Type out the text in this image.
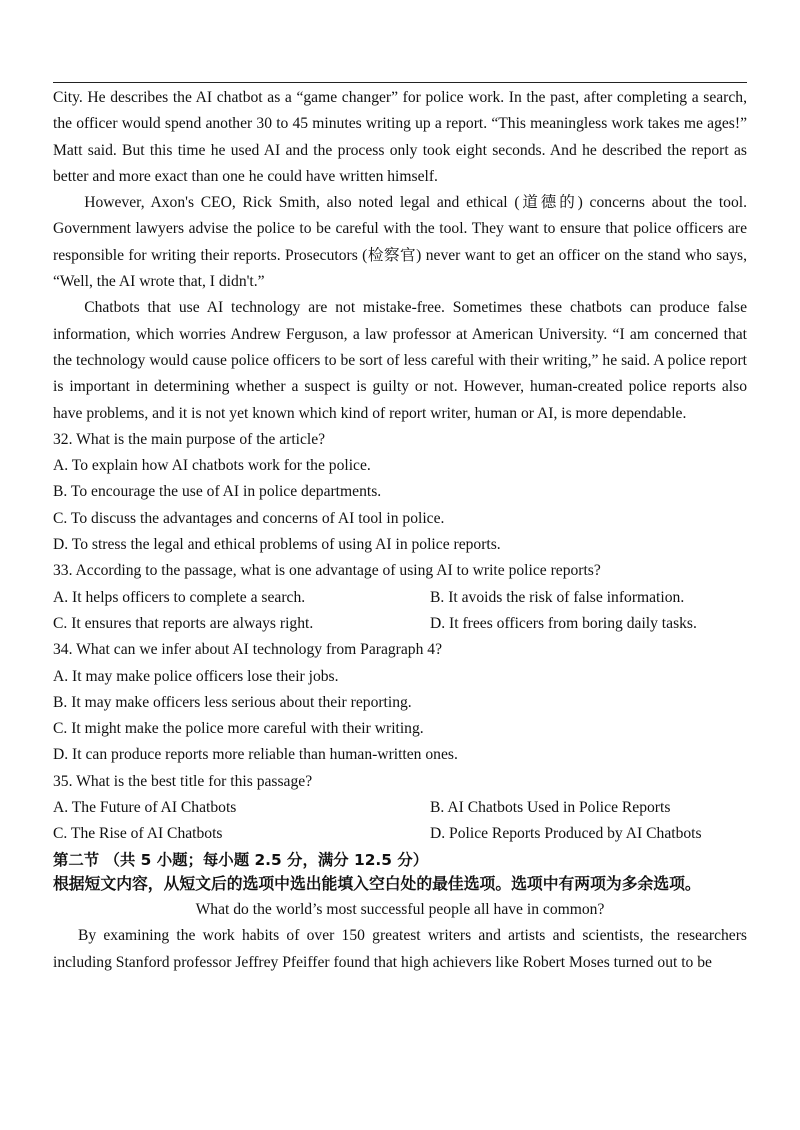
City. He describes the AI chatbot as a “game changer” for police work. In the past, after completing a search, the officer would spend another 30 to 45 minutes writing up a report. “This meaningless work takes me ages!” Matt said. But this time he used AI and the process only took eight seconds. And he described the report as better and more exact than one he could have written himself.

However, Axon's CEO, Rick Smith, also noted legal and ethical (道德的) concerns about the tool. Government lawyers advise the police to be careful with the tool. They want to ensure that police officers are responsible for writing their reports. Prosecutors (检察官) never want to get an officer on the stand who says, “Well, the AI wrote that, I didn't.”

Chatbots that use AI technology are not mistake-free. Sometimes these chatbots can produce false information, which worries Andrew Ferguson, a law professor at American University. “I am concerned that the technology would cause police officers to be sort of less careful with their writing,” he said. A police report is important in determining whether a suspect is guilty or not. However, human-created police reports also have problems, and it is not yet known which kind of report writer, human or AI, is more dependable.

32. What is the main purpose of the article?

A. To explain how AI chatbots work for the police.

B. To encourage the use of AI in police departments.

C. To discuss the advantages and concerns of AI tool in police.

D. To stress the legal and ethical problems of using AI in police reports.

33. According to the passage, what is one advantage of using AI to write police reports?

A. It helps officers to complete a search.	B. It avoids the risk of false information.
C. It ensures that reports are always right.	D. It frees officers from boring daily tasks.

34. What can we infer about AI technology from Paragraph 4?

A. It may make police officers lose their jobs.

B. It may make officers less serious about their reporting.

C. It might make the police more careful with their writing.

D. It can produce reports more reliable than human-written ones.

35. What is the best title for this passage?

A. The Future of AI Chatbots	B. AI Chatbots Used in Police Reports
C. The Rise of AI Chatbots	D. Police Reports Produced by AI Chatbots

第二节 （共 5 小题；每小题 2.5 分，满分 12.5 分）

根据短文内容，从短文后的选项中选出能填入空白处的最佳选项。选项中有两项为多余选项。

What do the world’s most successful people all have in common?

By examining the work habits of over 150 greatest writers and artists and scientists, the researchers including Stanford professor Jeffrey Pfeiffer found that high achievers like Robert Moses turned out to be
